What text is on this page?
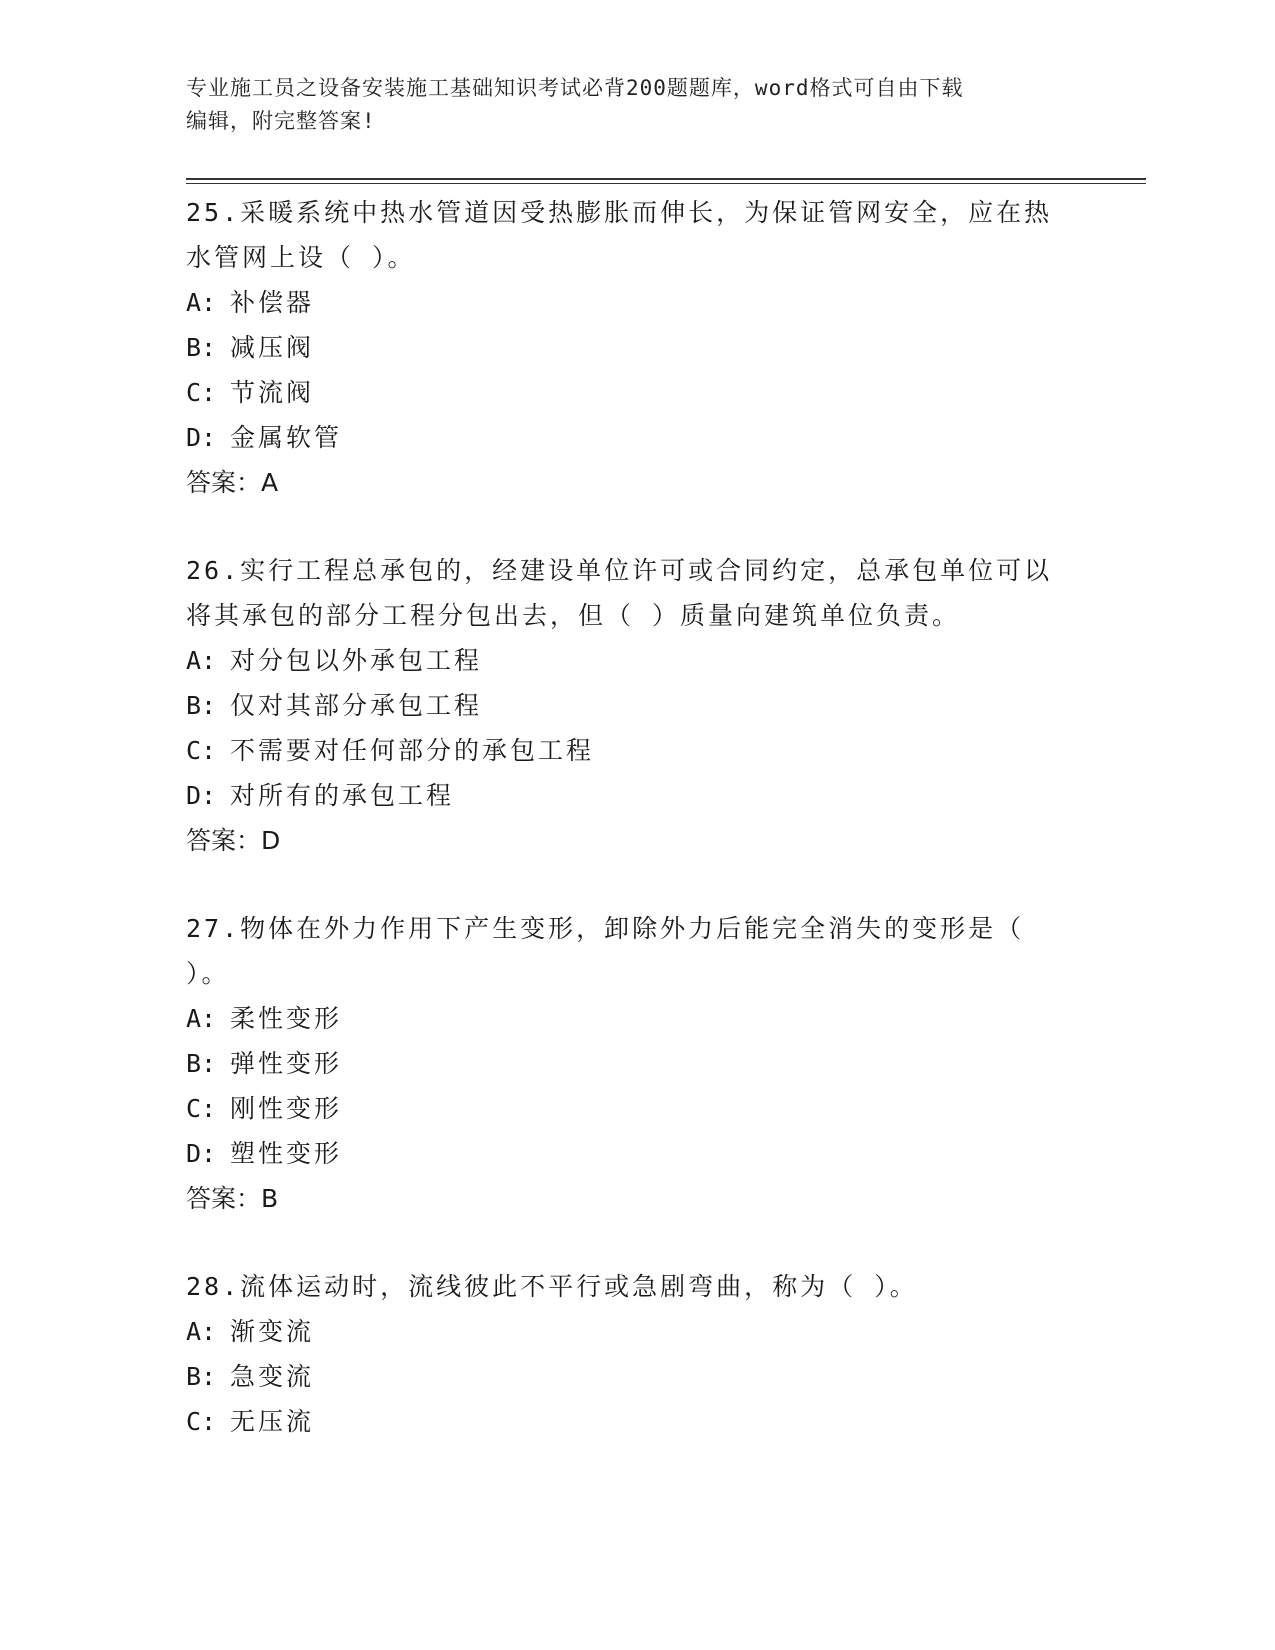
专业施工员之设备安装施工基础知识考试必背200题题库，word格式可自由下载
编辑，附完整答案!

25.采暖系统中热水管道因受热膨胀而伸长，为保证管网安全，应在热
水管网上设（ ）。

A: 补偿器

B: 减压阀

C: 节流阀

D: 金属软管

答案：A

26.实行工程总承包的，经建设单位许可或合同约定，总承包单位可以
将其承包的部分工程分包出去，但（ ）质量向建筑单位负责。

A: 对分包以外承包工程

B: 仅对其部分承包工程

C: 不需要对任何部分的承包工程

D: 对所有的承包工程

答案：D

27.物体在外力作用下产生变形，卸除外力后能完全消失的变形是（
）。

A: 柔性变形

B: 弹性变形

C: 刚性变形

D: 塑性变形

答案：B

28.流体运动时，流线彼此不平行或急剧弯曲，称为（ ）。

A: 渐变流

B: 急变流

C: 无压流
